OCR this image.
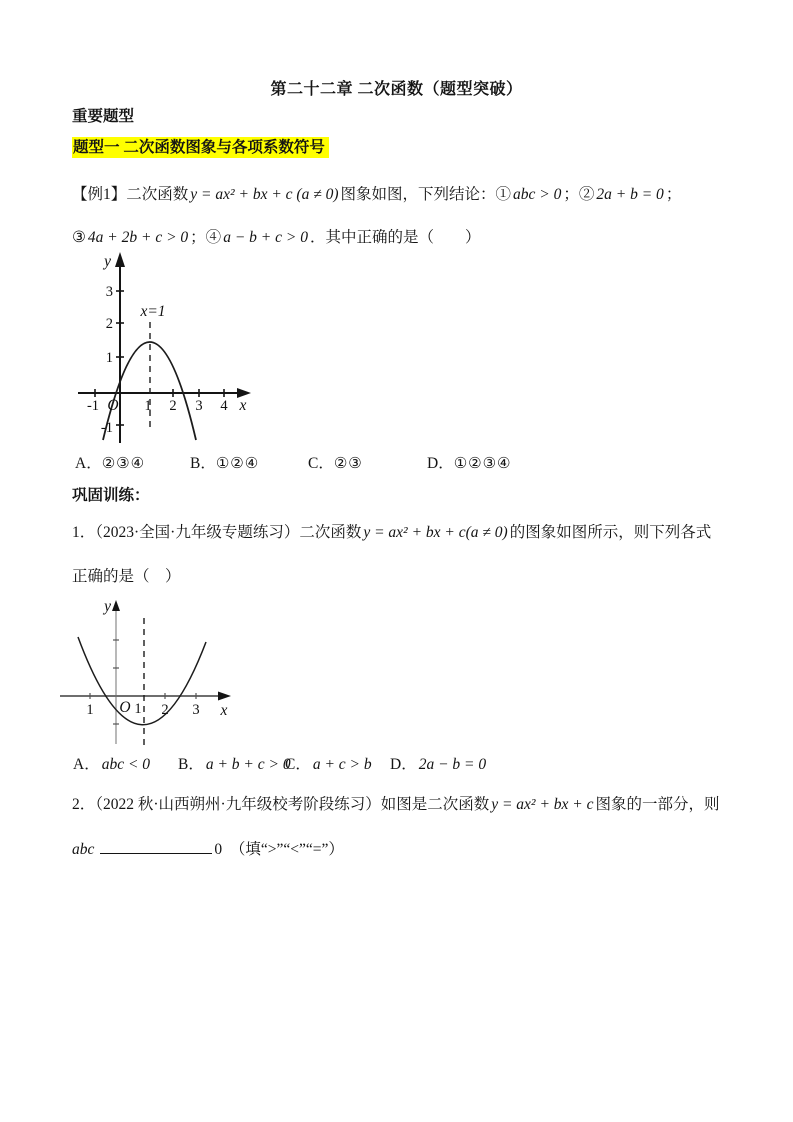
第二十二章 二次函数（题型突破）
重要题型
题型一 二次函数图象与各项系数符号
【例1】二次函数 y = ax² + bx + c (a ≠ 0) 图象如图，下列结论：① abc > 0 ；② 2a + b = 0 ；
③ 4a + 2b + c > 0 ；④ a − b + c > 0 ．其中正确的是（　　）
y
3
2
1
-1
x=1
O
-1	1 2 3 4 x
A．②③④	B．①②④	C．②③	D．①②③④
巩固训练：
1．（2023·全国·九年级专题练习）二次函数 y = ax² + bx + c(a ≠ 0) 的图象如图所示，则下列各式
正确的是（　）
y
1 O 1 2 3 x
A． abc < 0 B． a + b + c > 0
C． a + c > b D． 2a − b = 0
2．（2022 秋·山西朔州·九年级校考阶段练习）如图是二次函数 y = ax² + bx + c 图象的一部分，则
abc	0　 （填“>”“<”“=”）
